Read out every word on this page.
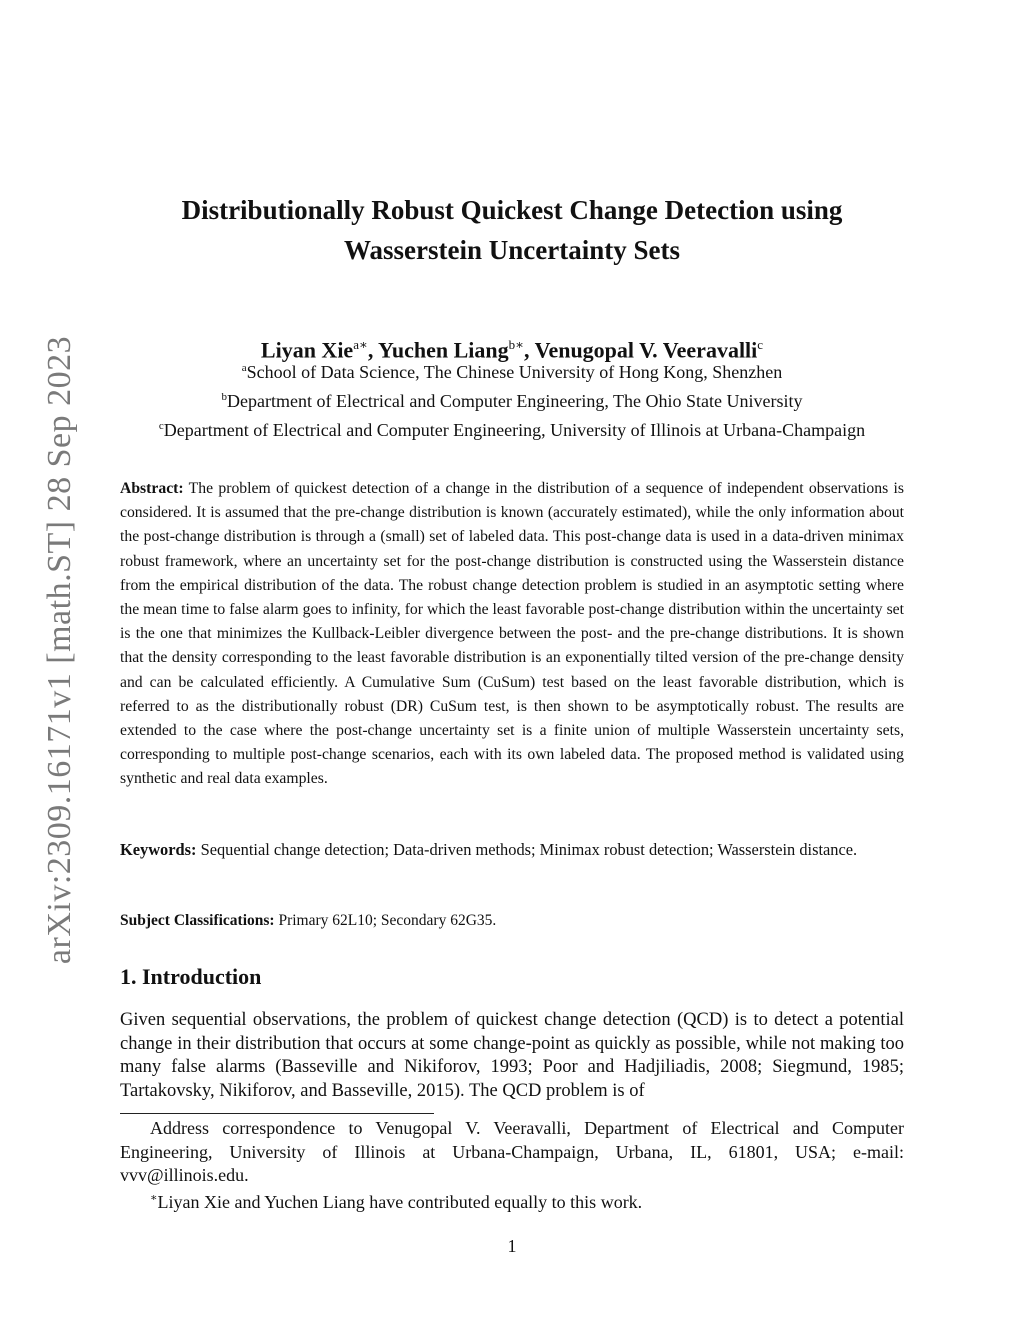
arXiv:2309.16171v1 [math.ST] 28 Sep 2023
Distributionally Robust Quickest Change Detection using
Wasserstein Uncertainty Sets
Liyan Xie$^{a∗}$, Yuchen Liang$^{b∗}$, Venugopal V. Veeravalli$^c$
$^a$School of Data Science, The Chinese University of Hong Kong, Shenzhen
$^b$Department of Electrical and Computer Engineering, The Ohio State University
$^c$Department of Electrical and Computer Engineering, University of Illinois at Urbana-Champaign
Abstract: The problem of quickest detection of a change in the distribution of a sequence of independent observations is considered. It is assumed that the pre-change distribution is known (accurately estimated), while the only information about the post-change distribution is through a (small) set of labeled data. This post-change data is used in a data-driven minimax robust framework, where an uncertainty set for the post-change distribution is constructed using the Wasserstein distance from the empirical distribution of the data. The robust change detection problem is studied in an asymptotic setting where the mean time to false alarm goes to infinity, for which the least favorable post-change distribution within the uncertainty set is the one that minimizes the Kullback-Leibler divergence between the post- and the pre-change distributions. It is shown that the density corresponding to the least favorable distribution is an exponentially tilted version of the pre-change density and can be calculated efficiently. A Cumulative Sum (CuSum) test based on the least favorable distribution, which is referred to as the distributionally robust (DR) CuSum test, is then shown to be asymptotically robust. The results are extended to the case where the post-change uncertainty set is a finite union of multiple Wasserstein uncertainty sets, corresponding to multiple post-change scenarios, each with its own labeled data. The proposed method is validated using synthetic and real data examples.
Keywords: Sequential change detection; Data-driven methods; Minimax robust detection; Wasserstein distance.
Subject Classifications: Primary 62L10; Secondary 62G35.
1. Introduction
Given sequential observations, the problem of quickest change detection (QCD) is to detect a potential change in their distribution that occurs at some change-point as quickly as possible, while not making too many false alarms (Basseville and Nikiforov, 1993; Poor and Hadjiliadis, 2008; Siegmund, 1985; Tartakovsky, Nikiforov, and Basseville, 2015). The QCD problem is of
Address correspondence to Venugopal V. Veeravalli, Department of Electrical and Computer Engineering, University of Illinois at Urbana-Champaign, Urbana, IL, 61801, USA; e-mail: vvv@illinois.edu.
∗Liyan Xie and Yuchen Liang have contributed equally to this work.
1
